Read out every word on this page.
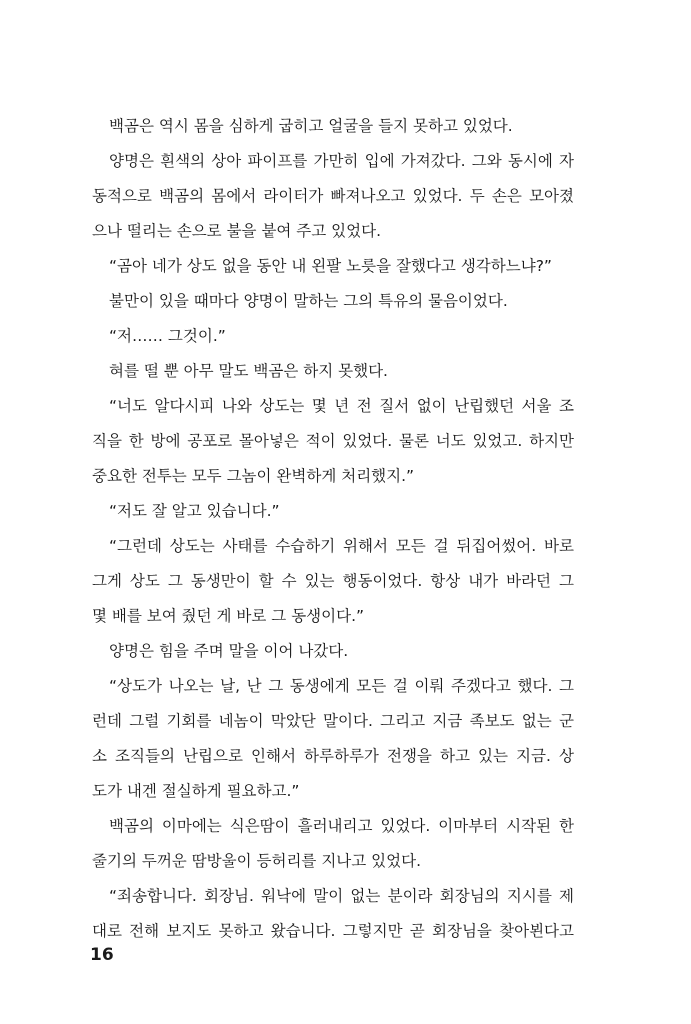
백곰은 역시 몸을 심하게 굽히고 얼굴을 들지 못하고 있었다.
양명은 흰색의 상아 파이프를 가만히 입에 가져갔다. 그와 동시에 자
동적으로 백곰의 몸에서 라이터가 빠져나오고 있었다. 두 손은 모아졌
으나 떨리는 손으로 불을 붙여 주고 있었다.
“곰아 네가 상도 없을 동안 내 왼팔 노릇을 잘했다고 생각하느냐?”
불만이 있을 때마다 양명이 말하는 그의 특유의 물음이었다.
“저…… 그것이.”
혀를 떨 뿐 아무 말도 백곰은 하지 못했다.
“너도 알다시피 나와 상도는 몇 년 전 질서 없이 난립했던 서울 조
직을 한 방에 공포로 몰아넣은 적이 있었다. 물론 너도 있었고. 하지만
중요한 전투는 모두 그놈이 완벽하게 처리했지.”
“저도 잘 알고 있습니다.”
“그런데 상도는 사태를 수습하기 위해서 모든 걸 뒤집어썼어. 바로
그게 상도 그 동생만이 할 수 있는 행동이었다. 항상 내가 바라던 그
몇 배를 보여 줬던 게 바로 그 동생이다.”
양명은 힘을 주며 말을 이어 나갔다.
“상도가 나오는 날, 난 그 동생에게 모든 걸 이뤄 주겠다고 했다. 그
런데 그럴 기회를 네놈이 막았단 말이다. 그리고 지금 족보도 없는 군
소 조직들의 난립으로 인해서 하루하루가 전쟁을 하고 있는 지금. 상
도가 내겐 절실하게 필요하고.”
백곰의 이마에는 식은땀이 흘러내리고 있었다. 이마부터 시작된 한
줄기의 두꺼운 땀방울이 등허리를 지나고 있었다.
“죄송합니다. 회장님. 워낙에 말이 없는 분이라 회장님의 지시를 제
대로 전해 보지도 못하고 왔습니다. 그렇지만 곧 회장님을 찾아뵌다고
16
